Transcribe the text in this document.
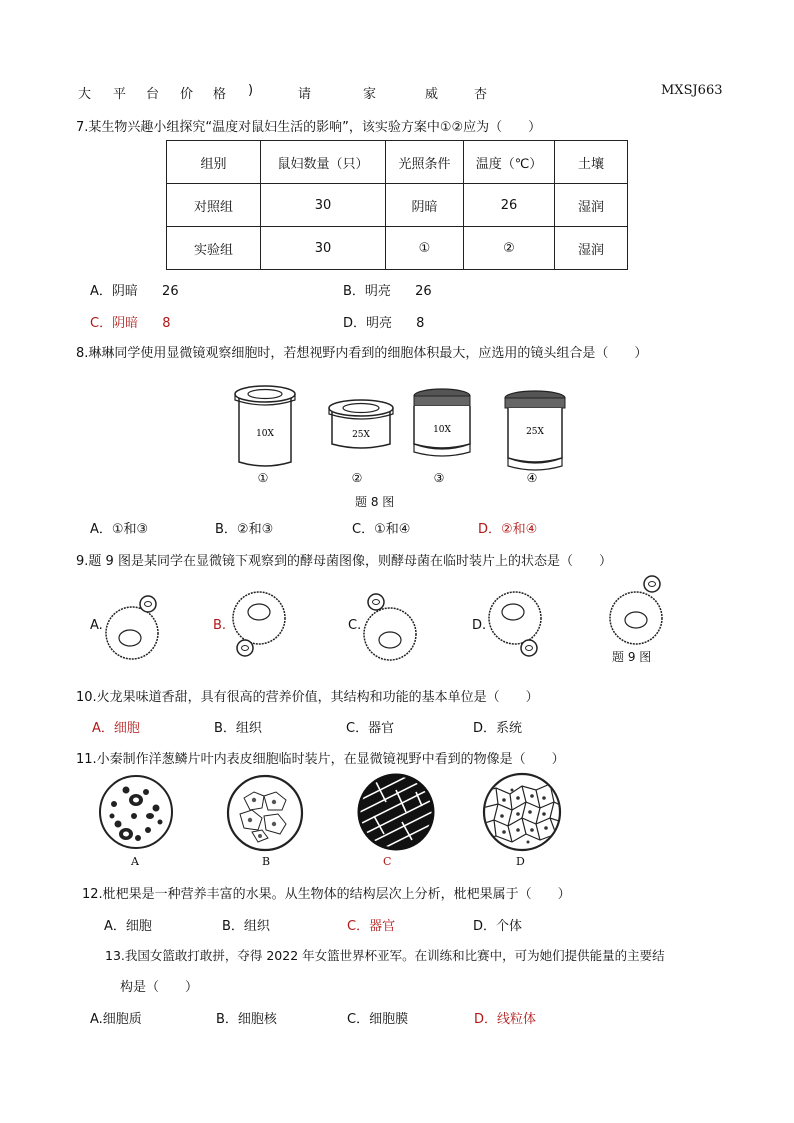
大 平 台 价 格 )	请	家	威	杏	MXSJ663
7.某生物兴趣小组探究“温度对鼠妇生活的影响”，该实验方案中①②应为（　　）
组别	鼠妇数量（只）	光照条件	温度（℃）	土壤
对照组	30	阴暗	26	湿润
实验组	30	①	②	湿润
A．阴暗 26	B．明亮 26
C．阴暗 8	D．明亮 8
8.琳琳同学使用显微镜观察细胞时，若想视野内看到的细胞体积最大，应选用的镜头组合是（　　）
10X	25X	10X	25X
①	②	③	④
题 8 图
A．①和③	B．②和③	C．①和④	D．②和④
9.题 9 图是某同学在显微镜下观察到的酵母菌图像，则酵母菌在临时装片上的状态是（　　）
A.	B.	C.	D.
题 9 图
10.火龙果味道香甜，具有很高的营养价值，其结构和功能的基本单位是（　　）
A．细胞	B．组织	C．器官	D．系统
11.小秦制作洋葱鳞片叶内表皮细胞临时装片，在显微镜视野中看到的物像是（　　）
A	B	C	D
12.枇杷果是一种营养丰富的水果。从生物体的结构层次上分析，枇杷果属于（　　）
A．细胞	B．组织	C．器官	D．个体
13.我国女篮敢打敢拼，夺得 2022 年女篮世界杯亚军。在训练和比赛中，可为她们提供能量的主要结
构是（　　）
A.细胞质	B．细胞核	C．细胞膜	D．线粒体
